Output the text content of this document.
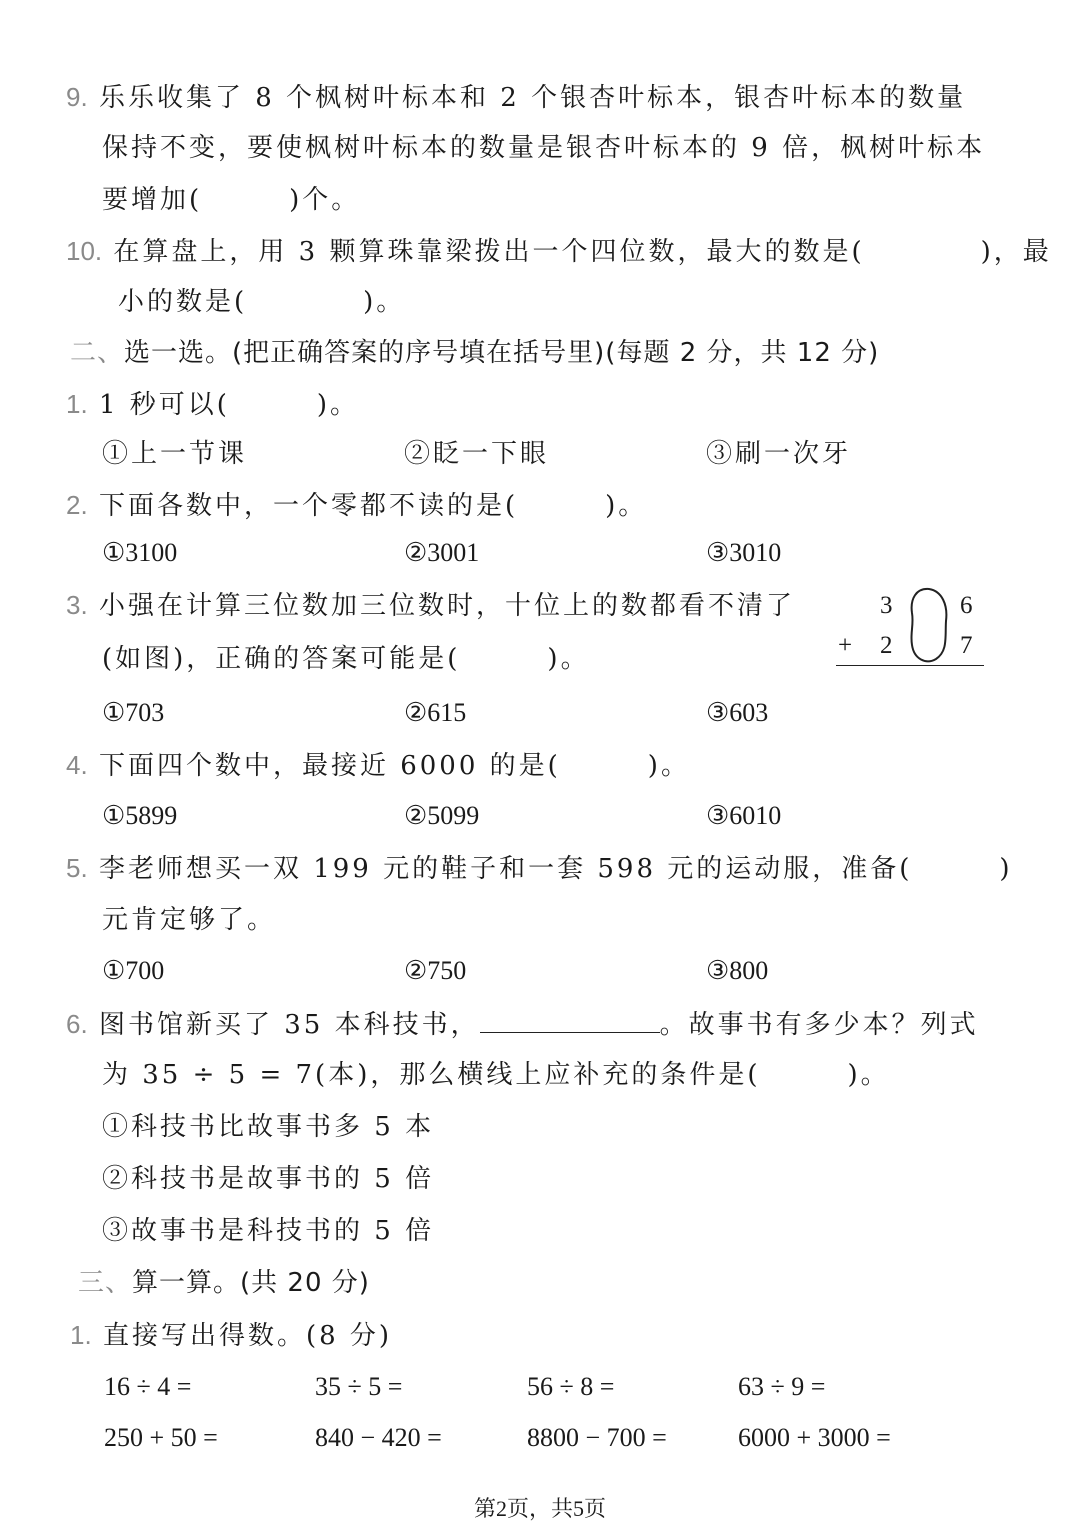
9. 乐乐收集了 8 个枫树叶标本和 2 个银杏叶标本，银杏叶标本的数量
保持不变，要使枫树叶标本的数量是银杏叶标本的 9 倍，枫树叶标本
要增加(　　　)个。
10. 在算盘上，用 3 颗算珠靠梁拨出一个四位数，最大的数是(　　　　)，最
小的数是(　　　　)。
二、选一选。(把正确答案的序号填在括号里)(每题 2 分，共 12 分)
1. 1 秒可以(　　　)。
①上一节课	②眨一下眼	③刷一次牙
2. 下面各数中，一个零都不读的是(　　　)。
①3100	②3001	③3010
3. 小强在计算三位数加三位数时，十位上的数都看不清了
(如图)，正确的答案可能是(　　　)。
3	6
+ 2	7
①703	②615	③603
4. 下面四个数中，最接近 6000 的是(　　　)。
①5899	②5099	③6010
5. 李老师想买一双 199 元的鞋子和一套 598 元的运动服，准备(　　　)
元肯定够了。
①700	②750	③800
6. 图书馆新买了 35 本科技书，	。故事书有多少本？列式
为 35 ÷ 5 = 7(本)，那么横线上应补充的条件是(　　　)。
①科技书比故事书多 5 本
②科技书是故事书的 5 倍
③故事书是科技书的 5 倍
三、算一算。(共 20 分)
1. 直接写出得数。(8 分)
16 ÷ 4 =	35 ÷ 5 =	56 ÷ 8 =	63 ÷ 9 =
250 + 50 =	840 − 420 =	8800 − 700 =	6000 + 3000 =
第2页，共5页
